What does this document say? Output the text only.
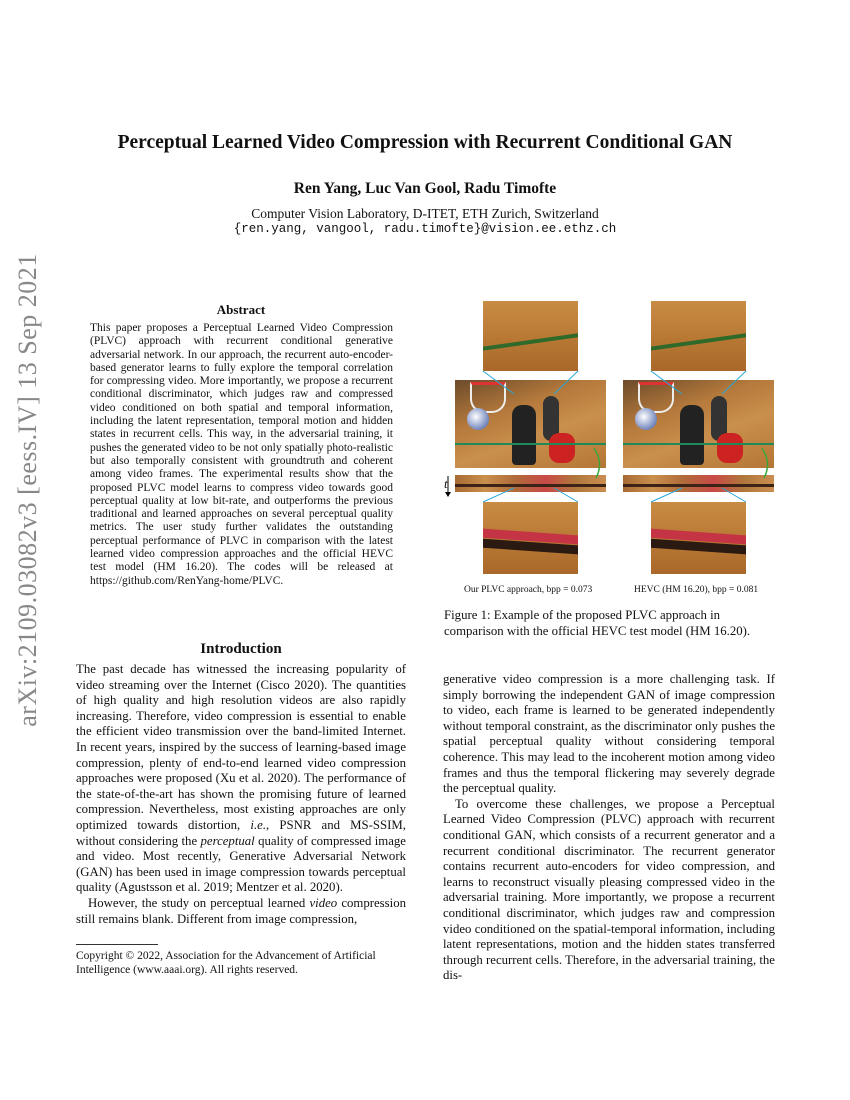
arXiv:2109.03082v3 [eess.IV] 13 Sep 2021
Perceptual Learned Video Compression with Recurrent Conditional GAN
Ren Yang, Luc Van Gool, Radu Timofte
Computer Vision Laboratory, D-ITET, ETH Zurich, Switzerland
{ren.yang, vangool, radu.timofte}@vision.ee.ethz.ch
Abstract
This paper proposes a Perceptual Learned Video Compression (PLVC) approach with recurrent conditional generative adversarial network. In our approach, the recurrent auto-encoder-based generator learns to fully explore the temporal correlation for compressing video. More importantly, we propose a recurrent conditional discriminator, which judges raw and compressed video conditioned on both spatial and temporal information, including the latent representation, temporal motion and hidden states in recurrent cells. This way, in the adversarial training, it pushes the generated video to be not only spatially photo-realistic but also temporally consistent with groundtruth and coherent among video frames. The experimental results show that the proposed PLVC model learns to compress video towards good perceptual quality at low bit-rate, and outperforms the previous traditional and learned approaches on several perceptual quality metrics. The user study further validates the outstanding perceptual performance of PLVC in comparison with the latest learned video compression approaches and the official HEVC test model (HM 16.20). The codes will be released at https://github.com/RenYang-home/PLVC.
Introduction

The past decade has witnessed the increasing popularity of video streaming over the Internet (Cisco 2020). The quantities of high quality and high resolution videos are also rapidly increasing. Therefore, video compression is essential to enable the efficient video transmission over the band-limited Internet. In recent years, inspired by the success of learning-based image compression, plenty of end-to-end learned video compression approaches were proposed (Xu et al. 2020). The performance of the state-of-the-art has shown the promising future of learned compression. Nevertheless, most existing approaches are only optimized towards distortion, i.e., PSNR and MS-SSIM, without considering the perceptual quality of compressed image and video. Most recently, Generative Adversarial Network (GAN) has been used in image compression towards perceptual quality (Agustsson et al. 2019; Mentzer et al. 2020).

However, the study on perceptual learned video compression still remains blank. Different from image compression,

Copyright © 2022, Association for the Advancement of Artificial Intelligence (www.aaai.org). All rights reserved.
t
Our PLVC approach, bpp = 0.073	HEVC (HM 16.20), bpp = 0.081
Figure 1: Example of the proposed PLVC approach in comparison with the official HEVC test model (HM 16.20).

generative video compression is a more challenging task. If simply borrowing the independent GAN of image compression to video, each frame is learned to be generated independently without temporal constraint, as the discriminator only pushes the spatial perceptual quality without considering temporal coherence. This may lead to the incoherent motion among video frames and thus the temporal flickering may severely degrade the perceptual quality.

To overcome these challenges, we propose a Perceptual Learned Video Compression (PLVC) approach with recurrent conditional GAN, which consists of a recurrent generator and a recurrent conditional discriminator. The recurrent generator contains recurrent auto-encoders for video compression, and learns to reconstruct visually pleasing compressed video in the adversarial training. More importantly, we propose a recurrent conditional discriminator, which judges raw and compression video conditioned on the spatial-temporal information, including latent representations, motion and the hidden states transferred through recurrent cells. Therefore, in the adversarial training, the dis-
